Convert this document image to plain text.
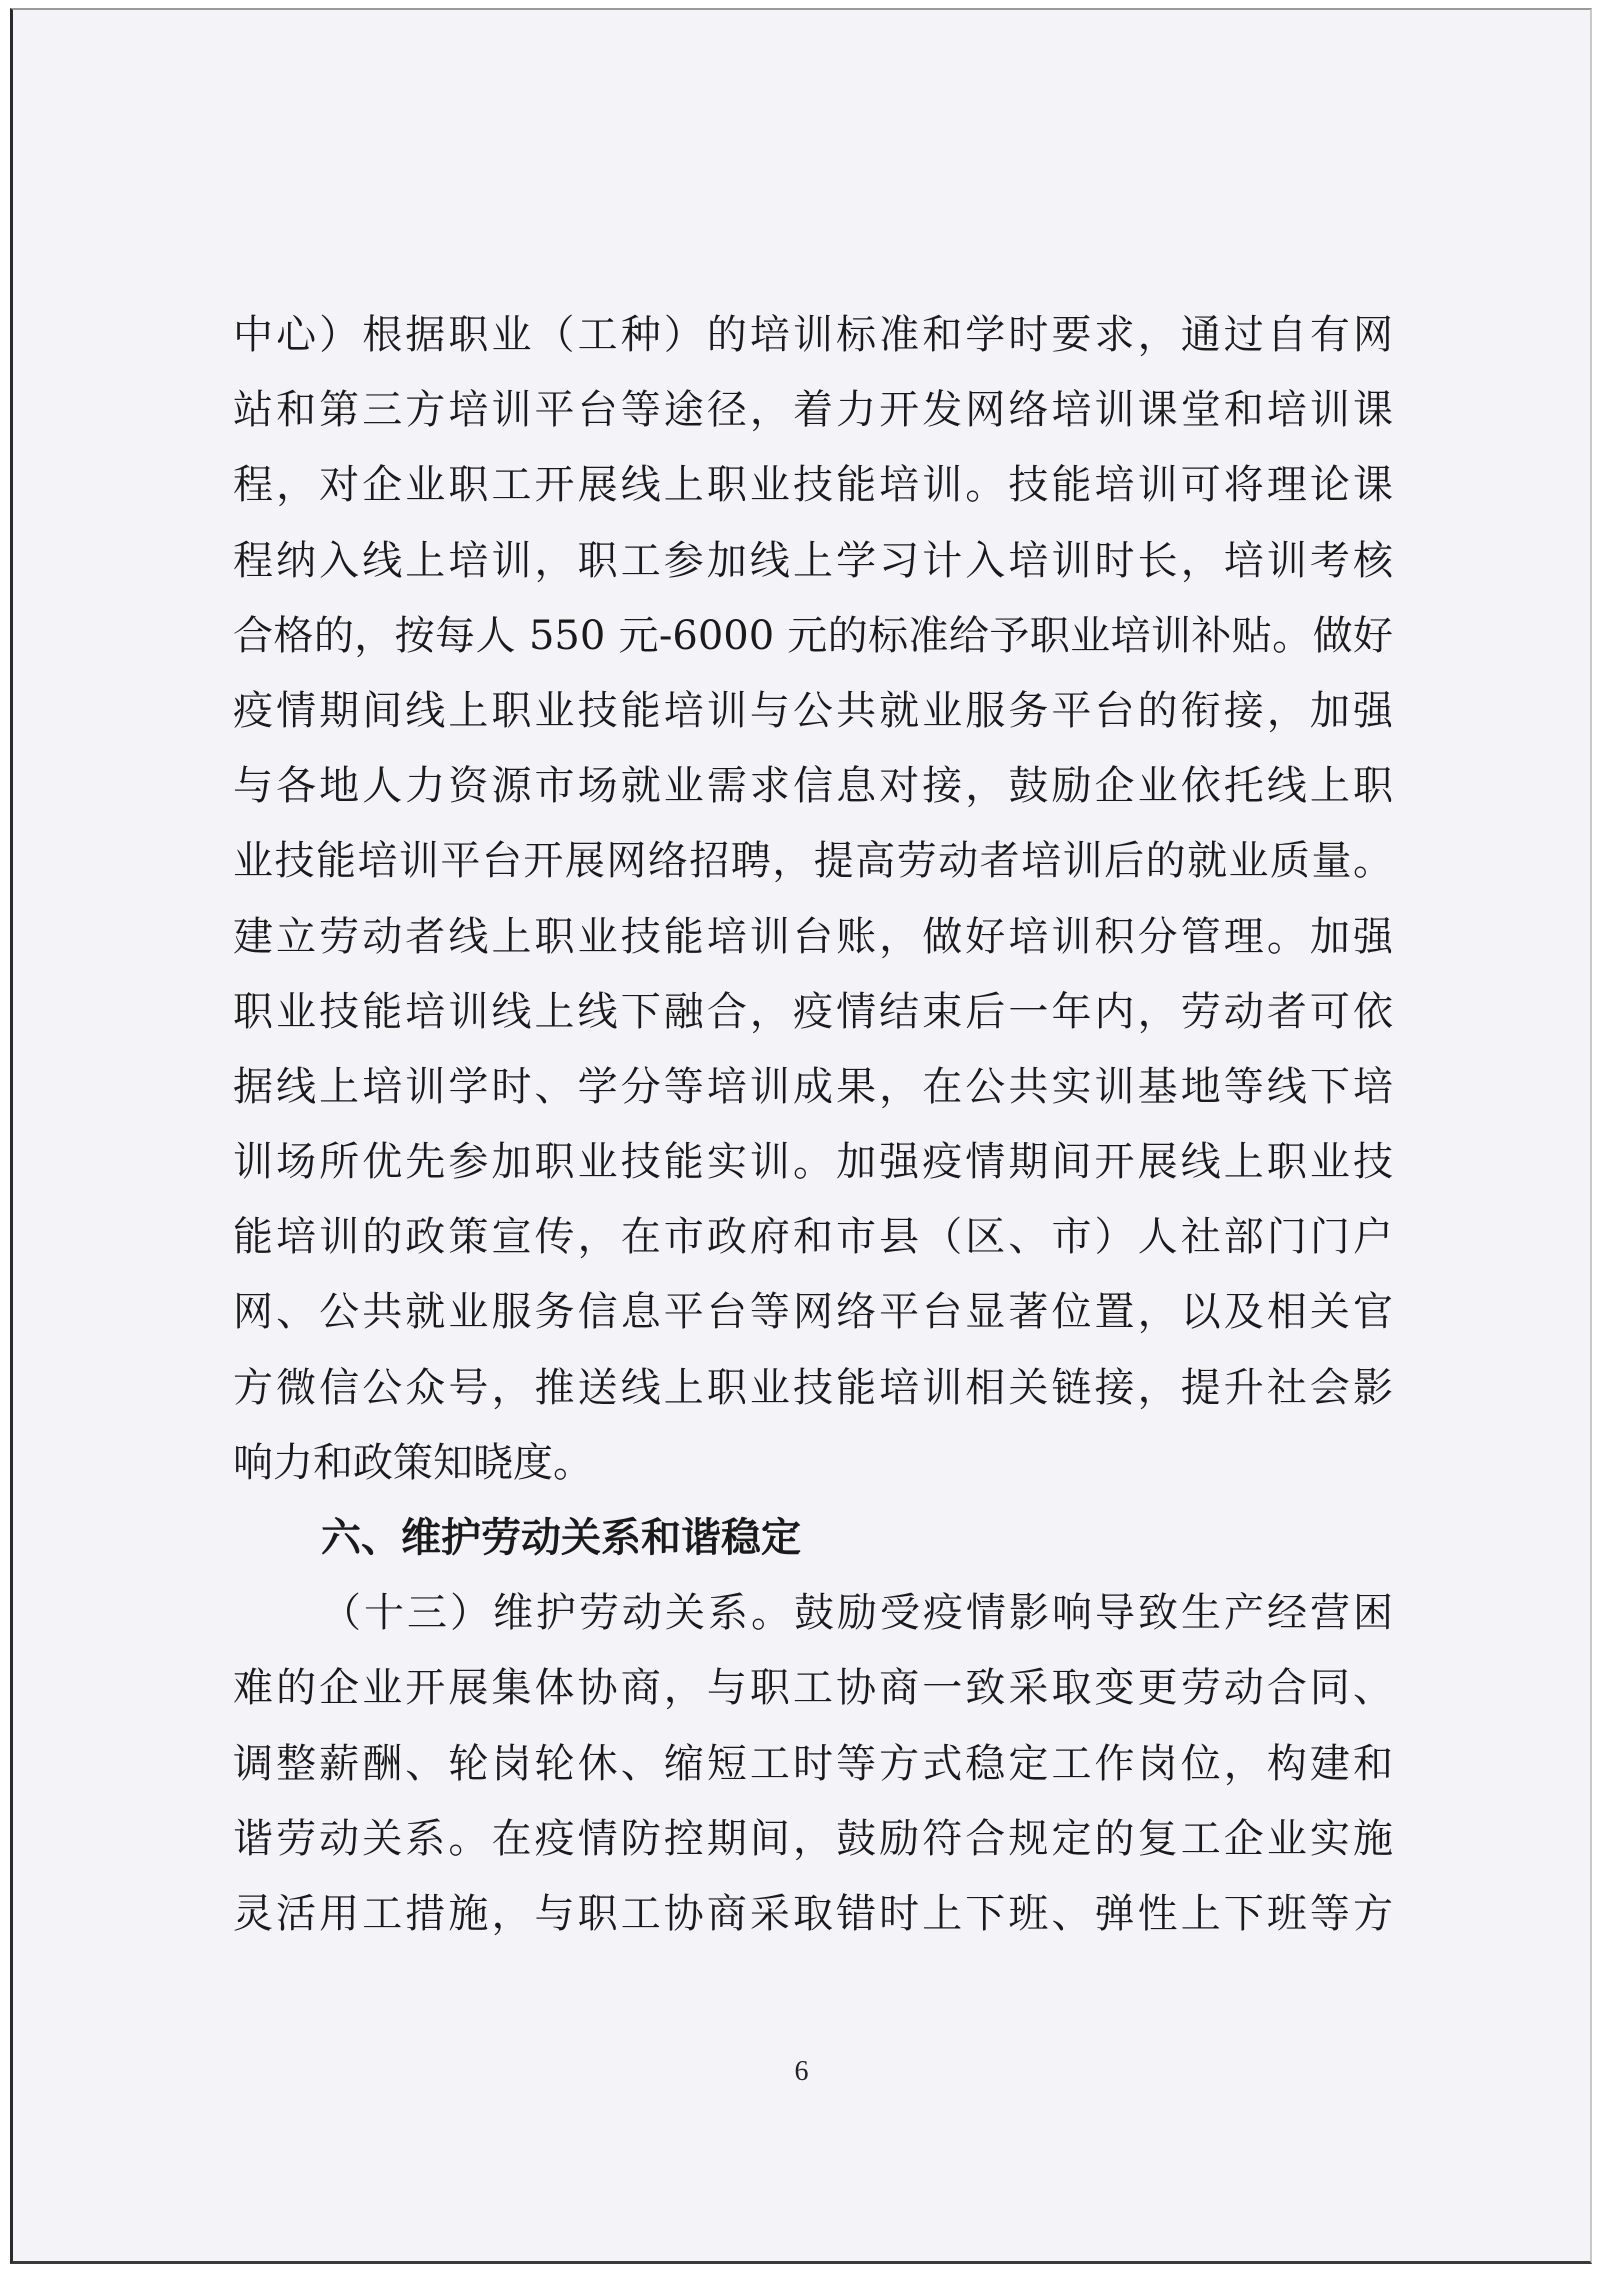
中心）根据职业（工种）的培训标准和学时要求，通过自有网
站和第三方培训平台等途径，着力开发网络培训课堂和培训课
程，对企业职工开展线上职业技能培训。技能培训可将理论课
程纳入线上培训，职工参加线上学习计入培训时长，培训考核
合格的，按每人 550 元-6000 元的标准给予职业培训补贴。做好
疫情期间线上职业技能培训与公共就业服务平台的衔接，加强
与各地人力资源市场就业需求信息对接，鼓励企业依托线上职
业技能培训平台开展网络招聘，提高劳动者培训后的就业质量。
建立劳动者线上职业技能培训台账，做好培训积分管理。加强
职业技能培训线上线下融合，疫情结束后一年内，劳动者可依
据线上培训学时、学分等培训成果，在公共实训基地等线下培
训场所优先参加职业技能实训。加强疫情期间开展线上职业技
能培训的政策宣传，在市政府和市县（区、市）人社部门门户
网、公共就业服务信息平台等网络平台显著位置，以及相关官
方微信公众号，推送线上职业技能培训相关链接，提升社会影
响力和政策知晓度。
六、维护劳动关系和谐稳定
（十三）维护劳动关系。鼓励受疫情影响导致生产经营困
难的企业开展集体协商，与职工协商一致采取变更劳动合同、
调整薪酬、轮岗轮休、缩短工时等方式稳定工作岗位，构建和
谐劳动关系。在疫情防控期间，鼓励符合规定的复工企业实施
灵活用工措施，与职工协商采取错时上下班、弹性上下班等方
6
